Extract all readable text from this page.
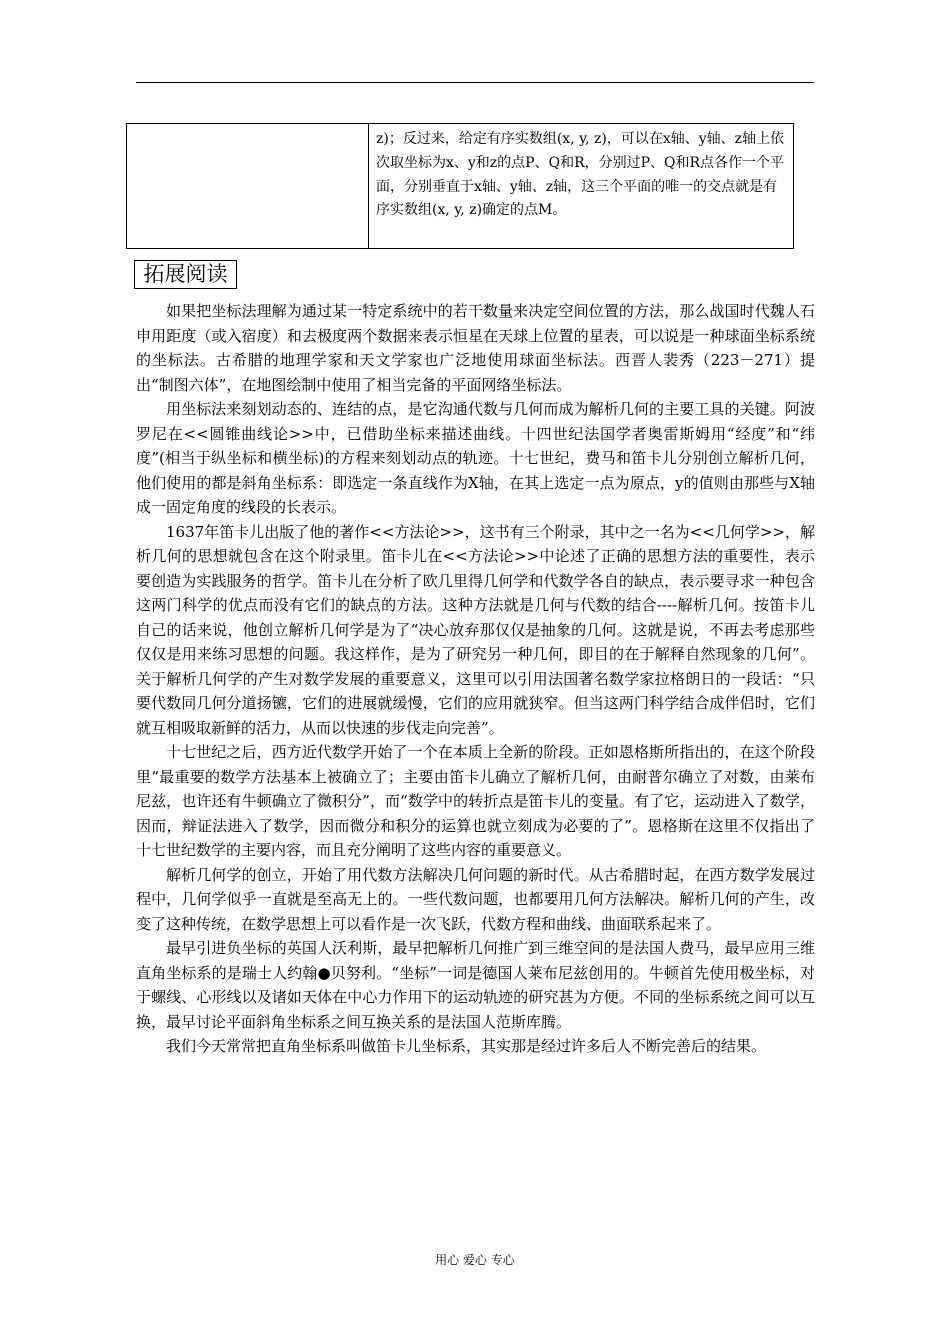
z)；反过来，给定有序实数组(x, y, z)，可以在x轴、y轴、z轴上依次取坐标为x、y和z的点P、Q和R，分别过P、Q和R点各作一个平面，分别垂直于x轴、y轴、z轴，这三个平面的唯一的交点就是有序实数组(x, y, z)确定的点M。
拓展阅读

如果把坐标法理解为通过某一特定系统中的若干数量来决定空间位置的方法，那么战国时代魏人石申用距度（或入宿度）和去极度两个数据来表示恒星在天球上位置的星表，可以说是一种球面坐标系统的坐标法。古希腊的地理学家和天文学家也广泛地使用球面坐标法。西晋人裴秀（223－271）提出“制图六体”，在地图绘制中使用了相当完备的平面网络坐标法。

用坐标法来刻划动态的、连结的点，是它沟通代数与几何而成为解析几何的主要工具的关键。阿波罗尼在<<圆锥曲线论>>中，已借助坐标来描述曲线。十四世纪法国学者奥雷斯姆用“经度”和“纬度”(相当于纵坐标和横坐标)的方程来刻划动点的轨迹。十七世纪，费马和笛卡儿分别创立解析几何，他们使用的都是斜角坐标系：即选定一条直线作为X轴，在其上选定一点为原点，y的值则由那些与X轴成一固定角度的线段的长表示。

1637年笛卡儿出版了他的著作<<方法论>>，这书有三个附录，其中之一名为<<几何学>>，解析几何的思想就包含在这个附录里。笛卡儿在<<方法论>>中论述了正确的思想方法的重要性，表示要创造为实践服务的哲学。笛卡儿在分析了欧几里得几何学和代数学各自的缺点，表示要寻求一种包含这两门科学的优点而没有它们的缺点的方法。这种方法就是几何与代数的结合----解析几何。按笛卡儿自己的话来说，他创立解析几何学是为了“决心放弃那仅仅是抽象的几何。这就是说，不再去考虑那些仅仅是用来练习思想的问题。我这样作，是为了研究另一种几何，即目的在于解释自然现象的几何”。关于解析几何学的产生对数学发展的重要意义，这里可以引用法国著名数学家拉格朗日的一段话：“只要代数同几何分道扬镳，它们的进展就缓慢，它们的应用就狭窄。但当这两门科学结合成伴侣时，它们就互相吸取新鲜的活力，从而以快速的步伐走向完善”。

十七世纪之后，西方近代数学开始了一个在本质上全新的阶段。正如恩格斯所指出的，在这个阶段里“最重要的数学方法基本上被确立了；主要由笛卡儿确立了解析几何，由耐普尔确立了对数，由莱布尼兹，也许还有牛顿确立了微积分”，而“数学中的转折点是笛卡儿的变量。有了它，运动进入了数学，因而，辩证法进入了数学，因而微分和积分的运算也就立刻成为必要的了”。恩格斯在这里不仅指出了十七世纪数学的主要内容，而且充分阐明了这些内容的重要意义。

解析几何学的创立，开始了用代数方法解决几何问题的新时代。从古希腊时起，在西方数学发展过程中，几何学似乎一直就是至高无上的。一些代数问题，也都要用几何方法解决。解析几何的产生，改变了这种传统，在数学思想上可以看作是一次飞跃，代数方程和曲线、曲面联系起来了。

最早引进负坐标的英国人沃利斯，最早把解析几何推广到三维空间的是法国人费马，最早应用三维直角坐标系的是瑞士人约翰●贝努利。“坐标”一词是德国人莱布尼兹创用的。牛顿首先使用极坐标，对于螺线、心形线以及诸如天体在中心力作用下的运动轨迹的研究甚为方便。不同的坐标系统之间可以互换，最早讨论平面斜角坐标系之间互换关系的是法国人范斯库腾。

我们今天常常把直角坐标系叫做笛卡儿坐标系，其实那是经过许多后人不断完善后的结果。

用心 爱心 专心
